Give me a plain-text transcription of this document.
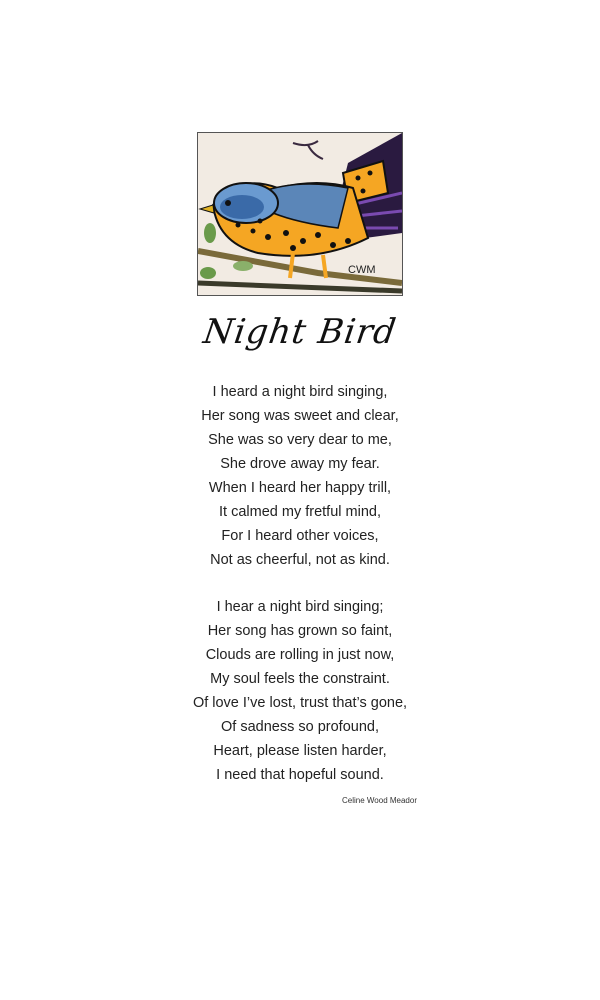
CWM
Night Bird
I heard a night bird singing,
Her song was sweet and clear,
She was so very dear to me,
She drove away my fear.
When I heard her happy trill,
It calmed my fretful mind,
For I heard other voices,
Not as cheerful, not as kind.
I hear a night bird singing;
Her song has grown so faint,
Clouds are rolling in just now,
My soul feels the constraint.
Of love I’ve lost, trust that’s gone,
Of sadness so profound,
Heart, please listen harder,
I need that hopeful sound.
Celine Wood Meador
